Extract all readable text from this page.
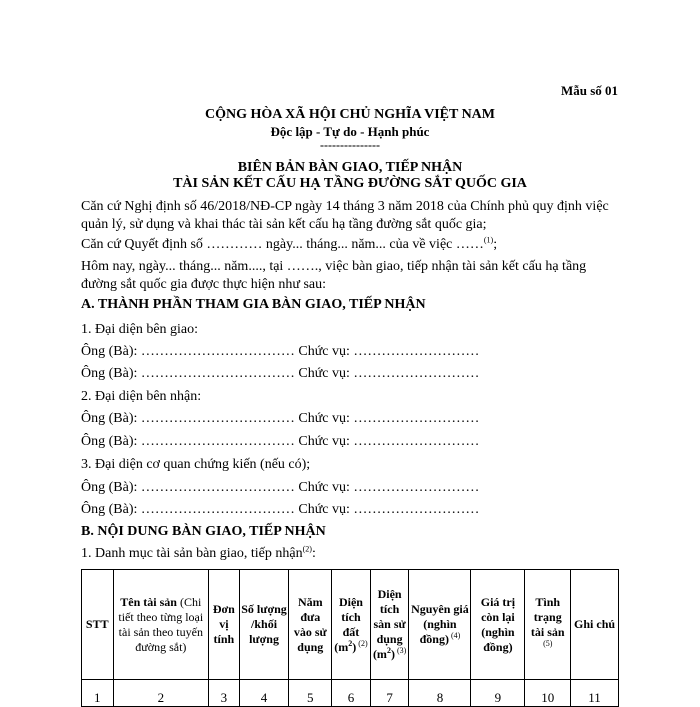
Mẫu số 01
CỘNG HÒA XÃ HỘI CHỦ NGHĨA VIỆT NAM
Độc lập - Tự do - Hạnh phúc
---------------
BIÊN BẢN BÀN GIAO, TIẾP NHẬN
TÀI SẢN KẾT CẤU HẠ TẦNG ĐƯỜNG SẮT QUỐC GIA
Căn cứ Nghị định số 46/2018/NĐ-CP ngày 14 tháng 3 năm 2018 của Chính phủ quy định việc quản lý, sử dụng và khai thác tài sản kết cấu hạ tầng đường sắt quốc gia;
Căn cứ Quyết định số ………… ngày... tháng... năm... của về việc ……$^{(1)}$;
Hôm nay, ngày... tháng... năm...., tại ……., việc bàn giao, tiếp nhận tài sản kết cấu hạ tầng đường sắt quốc gia được thực hiện như sau:
A. THÀNH PHẦN THAM GIA BÀN GIAO, TIẾP NHẬN
1. Đại diện bên giao:
Ông (Bà): …………………………… Chức vụ: ………………………
Ông (Bà): …………………………… Chức vụ: ………………………
2. Đại diện bên nhận:
Ông (Bà): …………………………… Chức vụ: ………………………
Ông (Bà): …………………………… Chức vụ: ………………………
3. Đại diện cơ quan chứng kiến (nếu có);
Ông (Bà): …………………………… Chức vụ: ………………………
Ông (Bà): …………………………… Chức vụ: ………………………
B. NỘI DUNG BÀN GIAO, TIẾP NHẬN
1. Danh mục tài sản bàn giao, tiếp nhận$^{(2)}$:
STT	Tên tài sản (Chi tiết theo từng loại tài sản theo tuyến đường sắt)	Đơn vị tính	Số lượng /khối lượng	Năm đưa vào sử dụng	Diện tích đất $(m^2)$ $^{(2)}$	Diện tích sàn sử dụng $(m^2)$ $^{(3)}$	Nguyên giá (nghìn đồng) $^{(4)}$	Giá trị còn lại (nghìn đồng)	Tình trạng tài sản $^{(5)}$	Ghi chú
1	2	3	4	5	6	7	8	9	10	11
